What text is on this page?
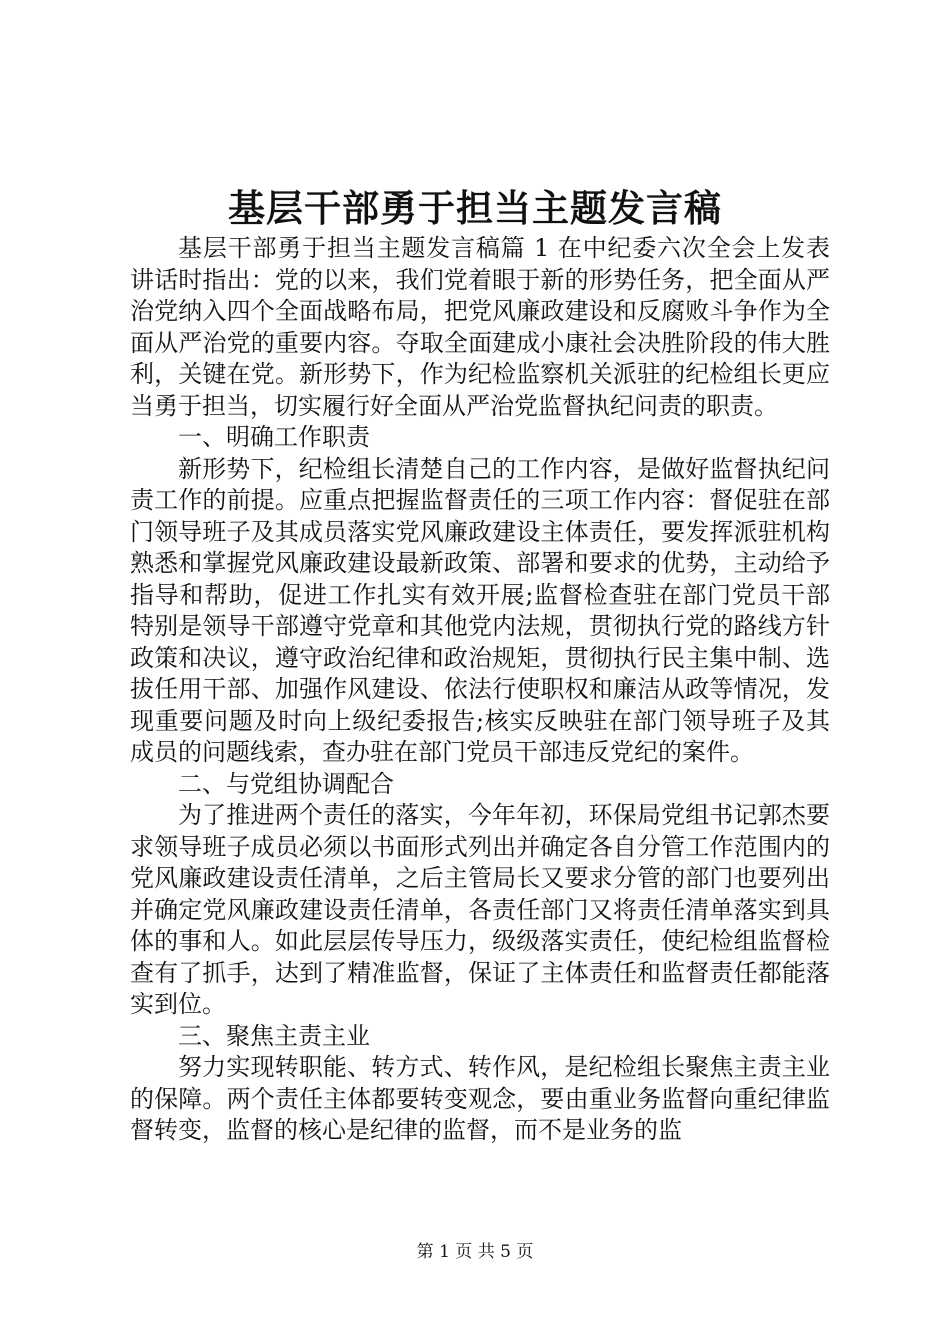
基层干部勇于担当主题发言稿

基层干部勇于担当主题发言稿篇 1 在中纪委六次全会上发表讲话时指出：党的以来，我们党着眼于新的形势任务，把全面从严治党纳入四个全面战略布局，把党风廉政建设和反腐败斗争作为全面从严治党的重要内容。夺取全面建成小康社会决胜阶段的伟大胜利，关键在党。新形势下，作为纪检监察机关派驻的纪检组长更应当勇于担当，切实履行好全面从严治党监督执纪问责的职责。

一、明确工作职责

新形势下，纪检组长清楚自己的工作内容，是做好监督执纪问责工作的前提。应重点把握监督责任的三项工作内容：督促驻在部门领导班子及其成员落实党风廉政建设主体责任，要发挥派驻机构熟悉和掌握党风廉政建设最新政策、部署和要求的优势，主动给予指导和帮助，促进工作扎实有效开展;监督检查驻在部门党员干部特别是领导干部遵守党章和其他党内法规，贯彻执行党的路线方针政策和决议，遵守政治纪律和政治规矩，贯彻执行民主集中制、选拔任用干部、加强作风建设、依法行使职权和廉洁从政等情况，发现重要问题及时向上级纪委报告;核实反映驻在部门领导班子及其成员的问题线索，查办驻在部门党员干部违反党纪的案件。

二、与党组协调配合

为了推进两个责任的落实，今年年初，环保局党组书记郭杰要求领导班子成员必须以书面形式列出并确定各自分管工作范围内的党风廉政建设责任清单，之后主管局长又要求分管的部门也要列出并确定党风廉政建设责任清单，各责任部门又将责任清单落实到具体的事和人。如此层层传导压力，级级落实责任，使纪检组监督检查有了抓手，达到了精准监督，保证了主体责任和监督责任都能落实到位。

三、聚焦主责主业

努力实现转职能、转方式、转作风，是纪检组长聚焦主责主业的保障。两个责任主体都要转变观念，要由重业务监督向重纪律监督转变，监督的核心是纪律的监督，而不是业务的监

第 1 页 共 5 页
